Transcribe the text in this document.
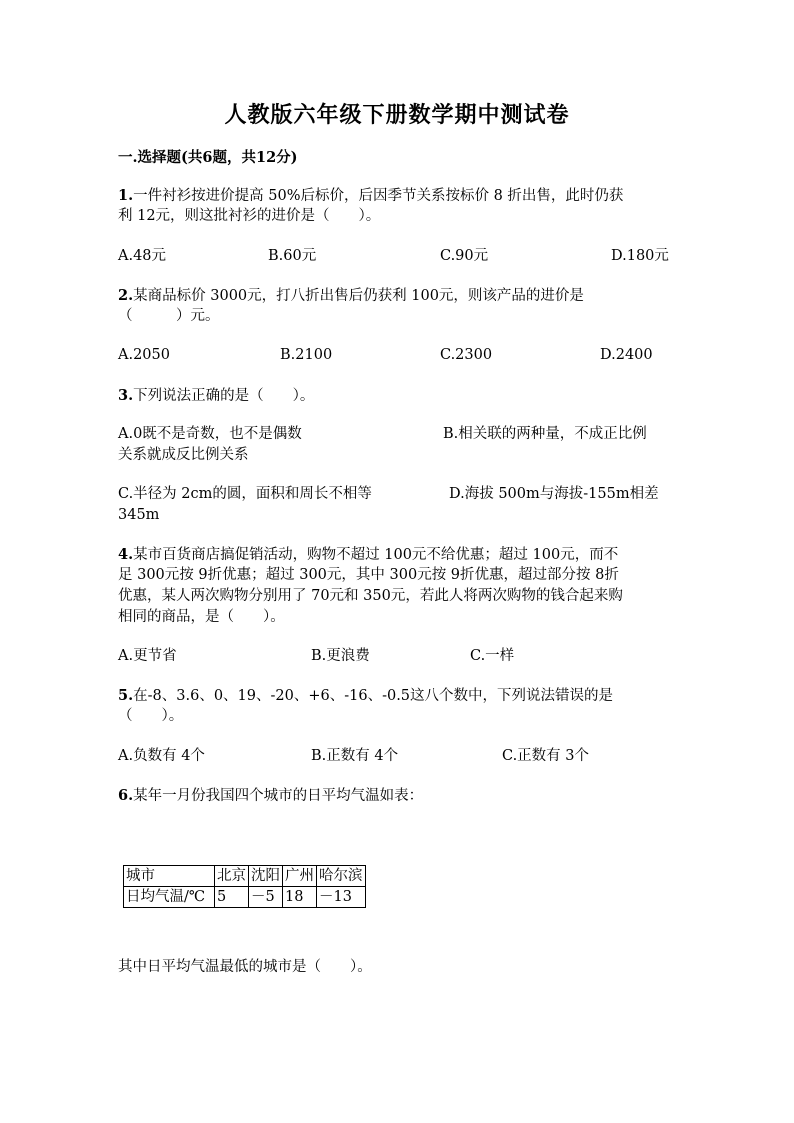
人教版六年级下册数学期中测试卷
一.选择题(共6题，共12分)
1.一件衬衫按进价提高 50%后标价，后因季节关系按标价 8 折出售，此时仍获
利 12元，则这批衬衫的进价是（　　）。
A.48元	B.60元	C.90元	D.180元
2.某商品标价 3000元，打八折出售后仍获利 100元，则该产品的进价是
（　　　）元。
A.2050	B.2100	C.2300	D.2400
3.下列说法正确的是（　　）。
A.0既不是奇数，也不是偶数	B.相关联的两种量，不成正比例
关系就成反比例关系
C.半径为 2cm的圆，面积和周长不相等	D.海拔 500m与海拔-155m相差
345m
4.某市百货商店搞促销活动，购物不超过 100元不给优惠；超过 100元，而不
足 300元按 9折优惠；超过 300元，其中 300元按 9折优惠，超过部分按 8折
优惠，某人两次购物分别用了 70元和 350元，若此人将两次购物的钱合起来购
相同的商品，是（　　）。
A.更节省	B.更浪费	C.一样
5.在-8、3.6、0、19、-20、+6、-16、-0.5这八个数中，下列说法错误的是
（　　）。
A.负数有 4个	B.正数有 4个	C.正数有 3个
6.某年一月份我国四个城市的日平均气温如表：
城市	北京	沈阳	广州	哈尔滨
日均气温/℃	5	－5	18	－13
其中日平均气温最低的城市是（　　）。
